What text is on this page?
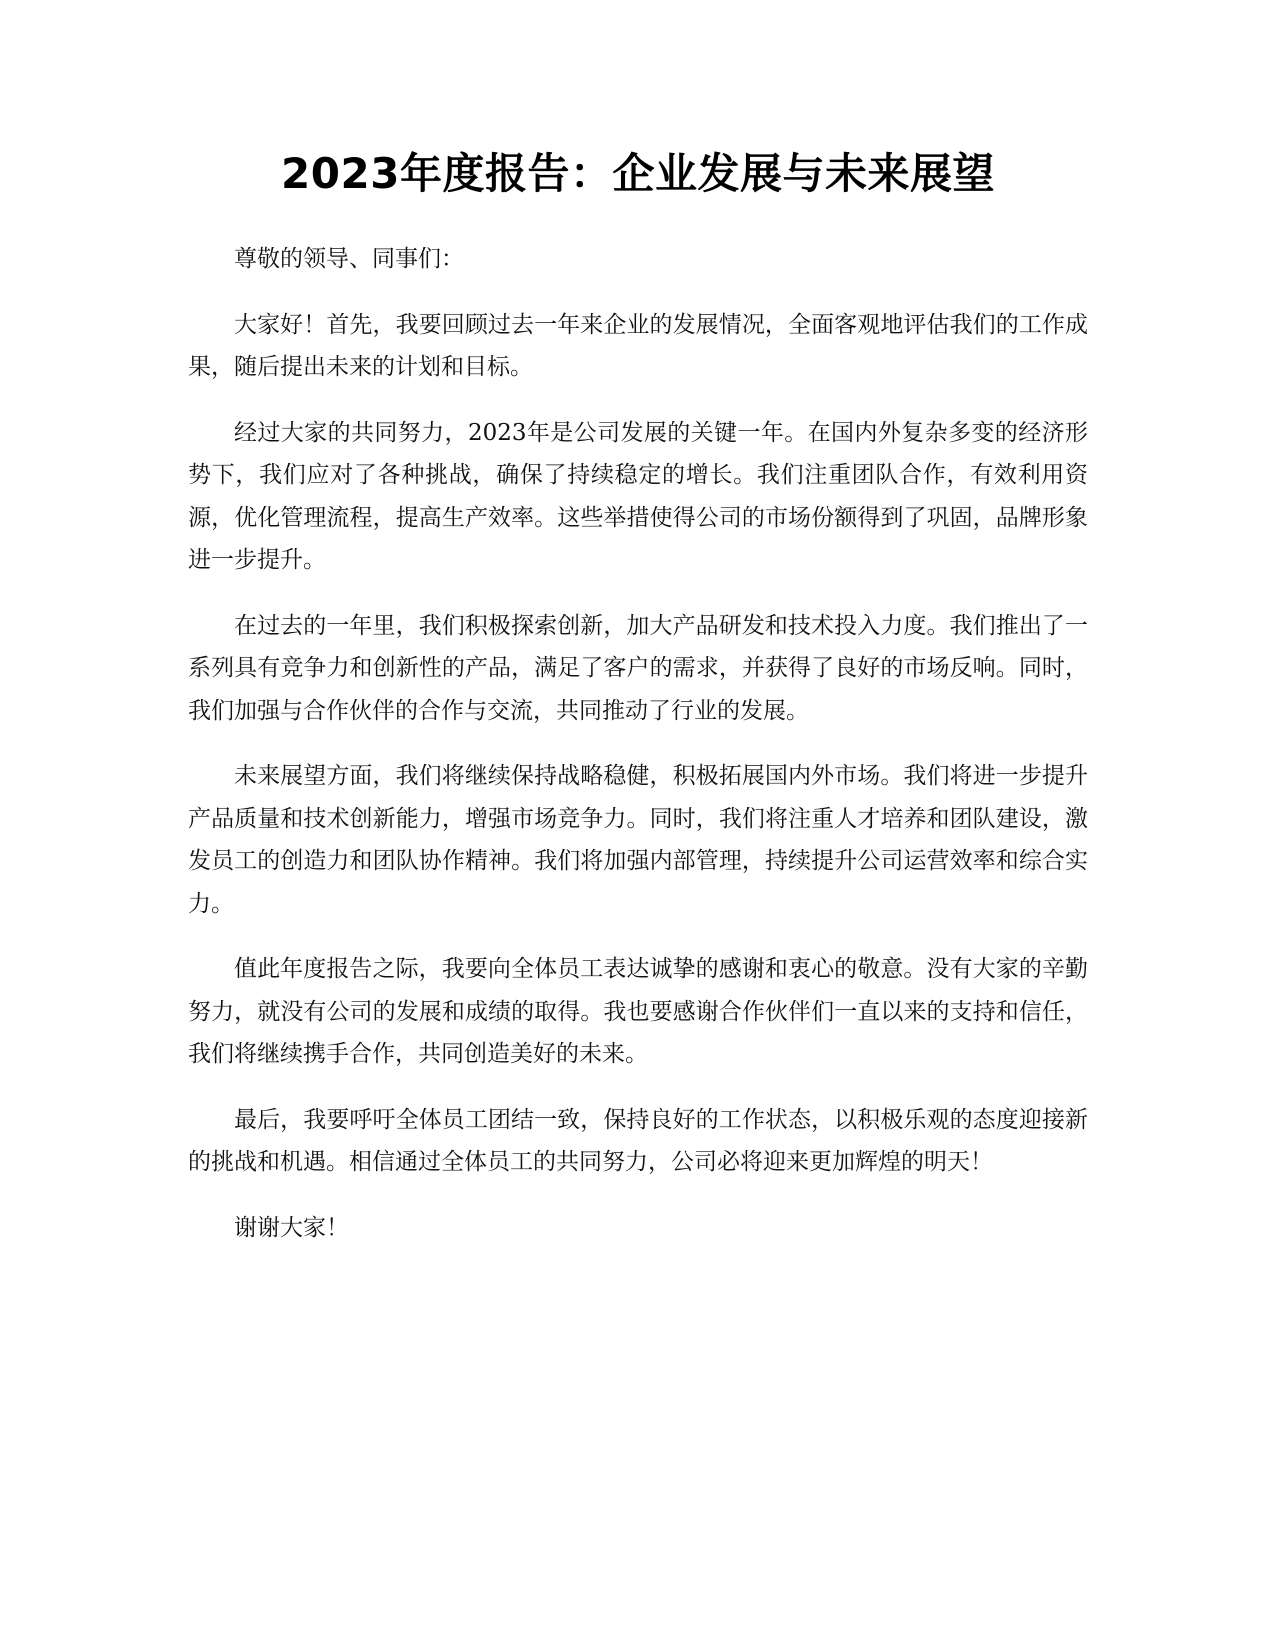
2023年度报告：企业发展与未来展望

尊敬的领导、同事们：

大家好！首先，我要回顾过去一年来企业的发展情况，全面客观地评估我们的工作成果，随后提出未来的计划和目标。

经过大家的共同努力，2023年是公司发展的关键一年。在国内外复杂多变的经济形势下，我们应对了各种挑战，确保了持续稳定的增长。我们注重团队合作，有效利用资源，优化管理流程，提高生产效率。这些举措使得公司的市场份额得到了巩固，品牌形象进一步提升。

在过去的一年里，我们积极探索创新，加大产品研发和技术投入力度。我们推出了一系列具有竞争力和创新性的产品，满足了客户的需求，并获得了良好的市场反响。同时，我们加强与合作伙伴的合作与交流，共同推动了行业的发展。

未来展望方面，我们将继续保持战略稳健，积极拓展国内外市场。我们将进一步提升产品质量和技术创新能力，增强市场竞争力。同时，我们将注重人才培养和团队建设，激发员工的创造力和团队协作精神。我们将加强内部管理，持续提升公司运营效率和综合实力。

值此年度报告之际，我要向全体员工表达诚挚的感谢和衷心的敬意。没有大家的辛勤努力，就没有公司的发展和成绩的取得。我也要感谢合作伙伴们一直以来的支持和信任，我们将继续携手合作，共同创造美好的未来。

最后，我要呼吁全体员工团结一致，保持良好的工作状态，以积极乐观的态度迎接新的挑战和机遇。相信通过全体员工的共同努力，公司必将迎来更加辉煌的明天！

谢谢大家！
